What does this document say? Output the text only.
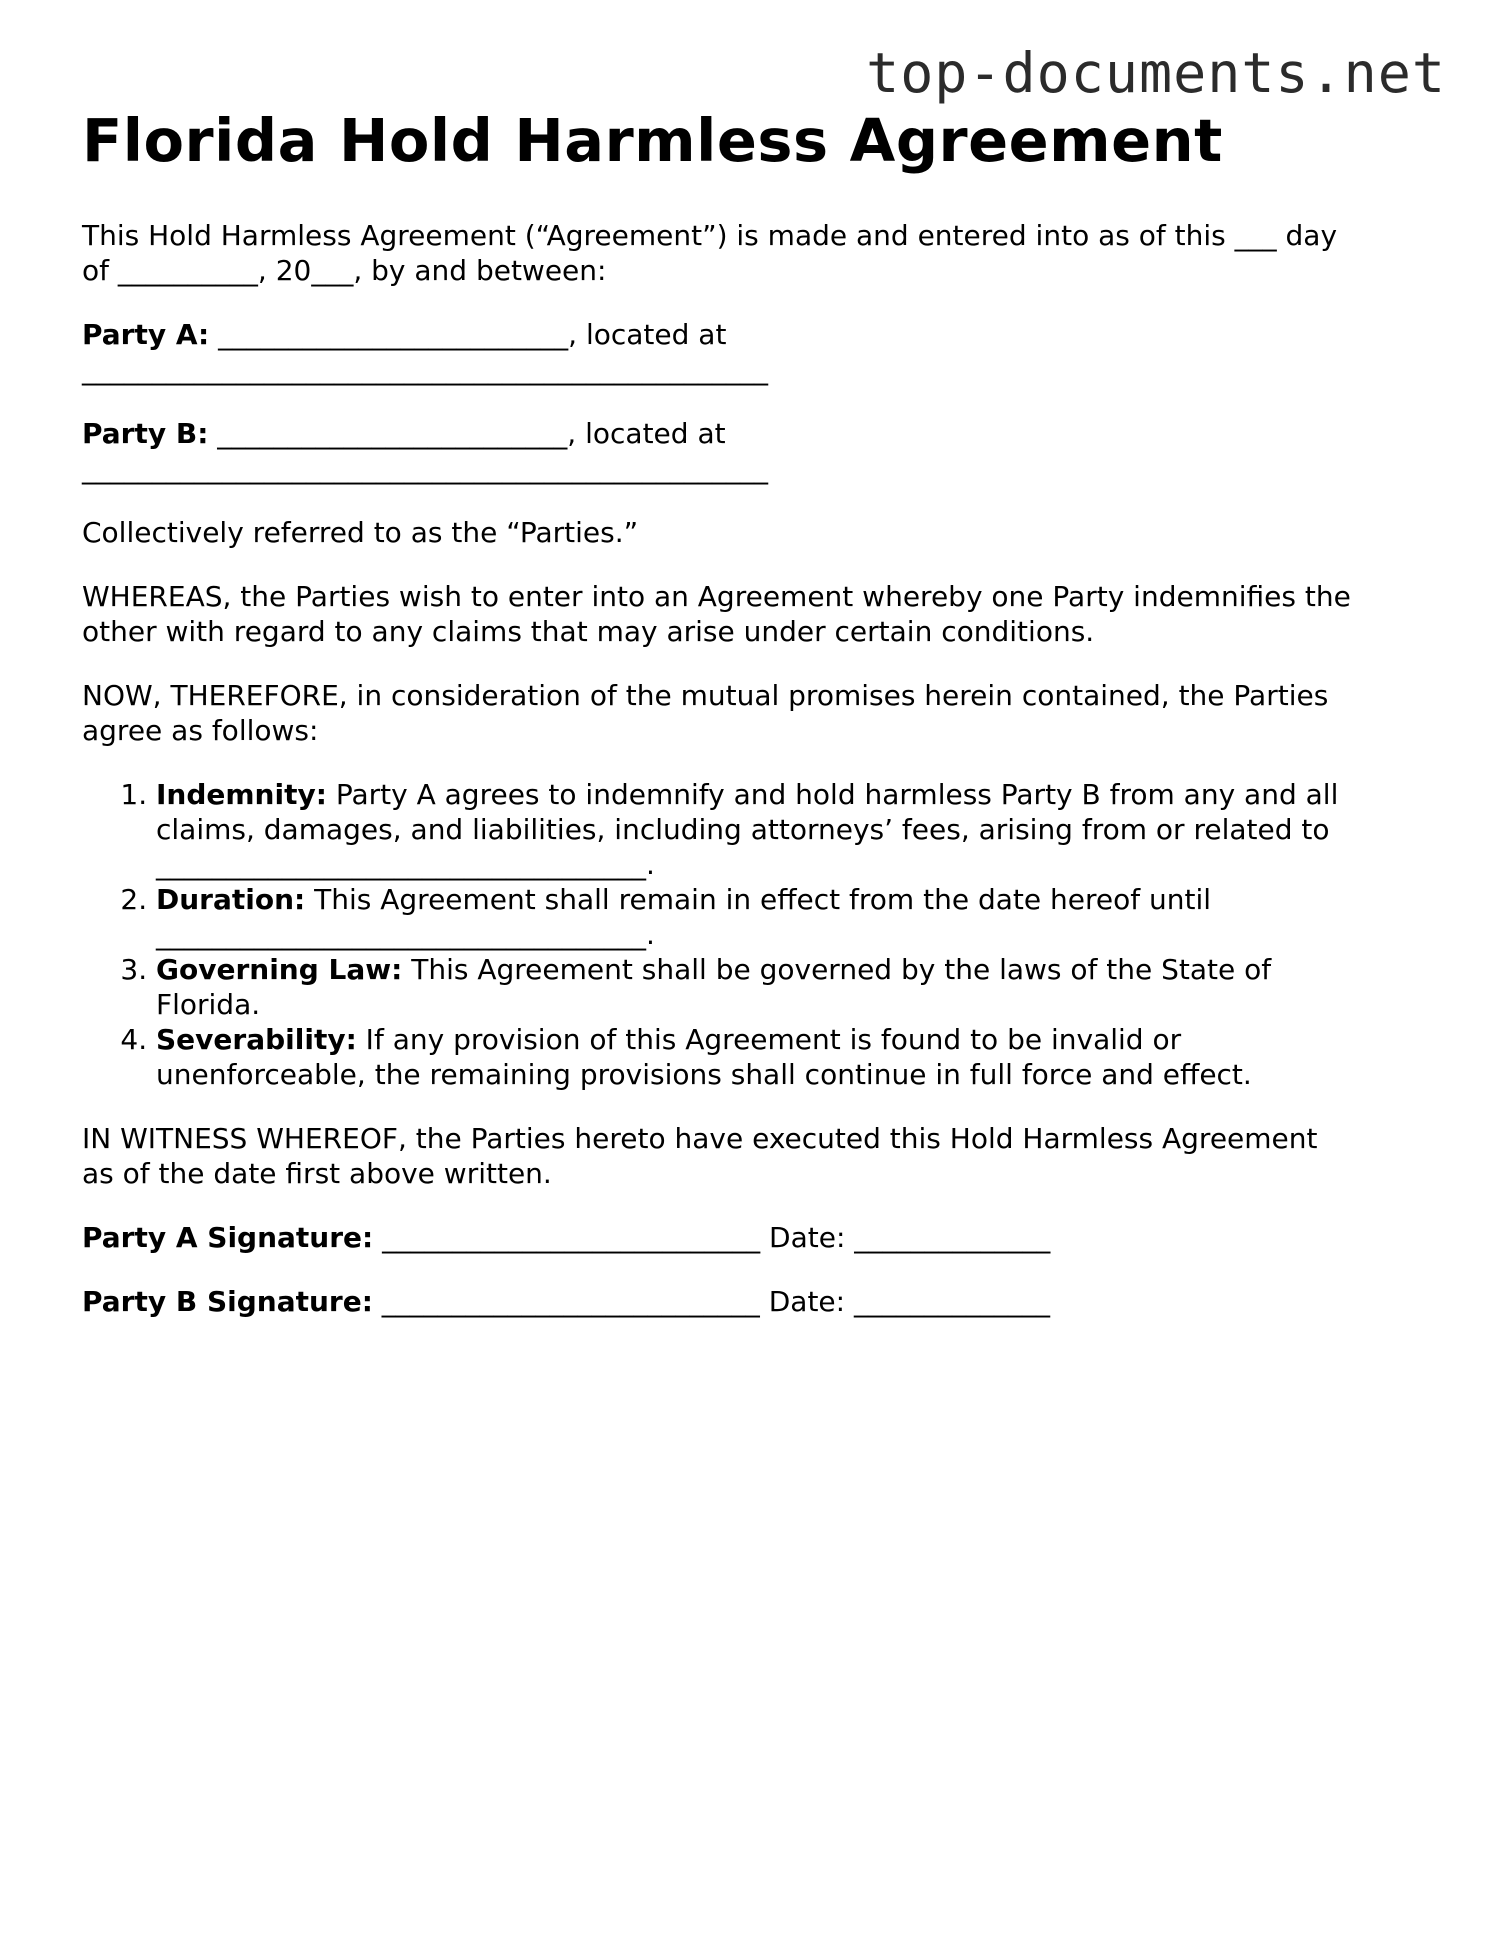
top-documents.net
Florida Hold Harmless Agreement

This Hold Harmless Agreement (“Agreement”) is made and entered into as of this ___ day
of __________, 20___, by and between:

Party A: _________________________, located at
_________________________________________________

Party B: _________________________, located at
_________________________________________________

Collectively referred to as the “Parties.”

WHEREAS, the Parties wish to enter into an Agreement whereby one Party indemnifies the
other with regard to any claims that may arise under certain conditions.

NOW, THEREFORE, in consideration of the mutual promises herein contained, the Parties
agree as follows:

1. Indemnity: Party A agrees to indemnify and hold harmless Party B from any and all
claims, damages, and liabilities, including attorneys’ fees, arising from or related to
___________________________________.
2. Duration: This Agreement shall remain in effect from the date hereof until
___________________________________.
3. Governing Law: This Agreement shall be governed by the laws of the State of
Florida.
4. Severability: If any provision of this Agreement is found to be invalid or
unenforceable, the remaining provisions shall continue in full force and effect.

IN WITNESS WHEREOF, the Parties hereto have executed this Hold Harmless Agreement
as of the date first above written.

Party A Signature: ___________________________ Date: ______________
Party B Signature: ___________________________ Date: ______________
